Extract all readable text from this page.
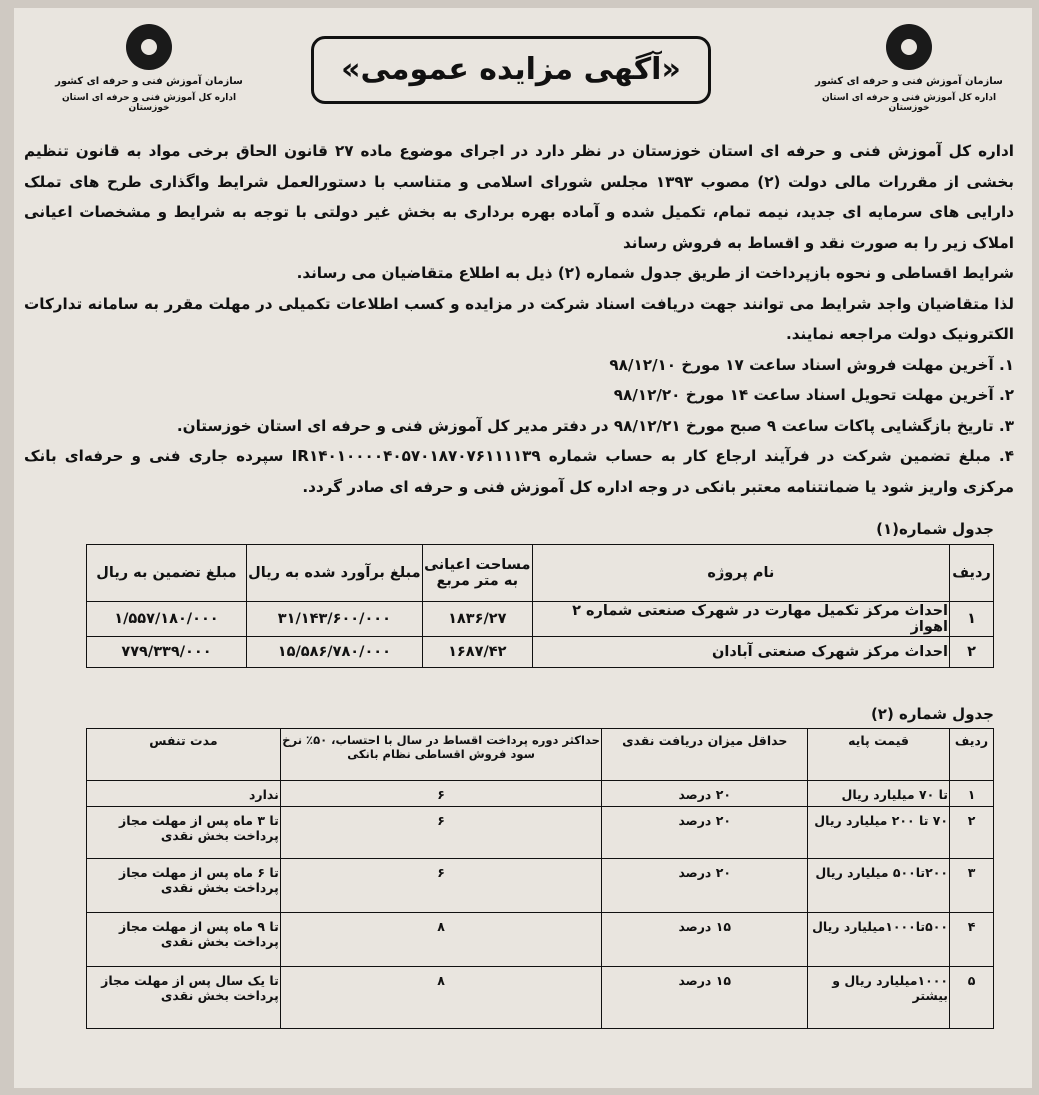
سازمان آموزش فنی و حرفه ای کشور
اداره کل آموزش فنی و حرفه ای استان خوزستان
«آگهی مزایده عمومی»
سازمان آموزش فنی و حرفه ای کشور
اداره کل آموزش فنی و حرفه ای استان خوزستان

اداره کل آموزش فنی و حرفه ای استان خوزستان در نظر دارد در اجرای موضوع ماده ۲۷ قانون الحاق برخی مواد به قانون تنظیم بخشی از مقررات مالی دولت (۲) مصوب ۱۳۹۳ مجلس شورای اسلامی و متناسب با دستورالعمل شرایط واگذاری طرح های تملک دارایی های سرمایه ای جدید، نیمه تمام، تکمیل شده و آماده بهره برداری به بخش غیر دولتی با توجه به شرایط و مشخصات اعیانی املاک زیر را به صورت نقد و اقساط به فروش رساند

شرایط اقساطی و نحوه بازپرداخت از طریق جدول شماره (۲) ذیل به اطلاع متقاضیان می رساند.

لذا متقاضیان واجد شرایط می توانند جهت دریافت اسناد شرکت در مزایده و کسب اطلاعات تکمیلی در مهلت مقرر به سامانه تدارکات الکترونیک دولت مراجعه نمایند.

۱. آخرین مهلت فروش اسناد ساعت ۱۷ مورخ ۹۸/۱۲/۱۰

۲. آخرین مهلت تحویل اسناد ساعت ۱۴ مورخ ۹۸/۱۲/۲۰

۳. تاریخ بازگشایی پاکات ساعت ۹ صبح مورخ ۹۸/۱۲/۲۱ در دفتر مدیر کل آموزش فنی و حرفه ای استان خوزستان.

۴. مبلغ تضمین شرکت در فرآیند ارجاع کار به حساب شماره IR۱۴۰۱۰۰۰۰۴۰۵۷۰۱۸۷۰۷۶۱۱۱۱۳۹ سپرده جاری فنی و حرفه‌ای بانک مرکزی واریز شود یا ضمانتنامه معتبر بانکی در وجه اداره کل آموزش فنی و حرفه ای صادر گردد.

جدول شماره(۱)
ردیف	نام پروژه	مساحت اعیانی به متر مربع	مبلغ برآورد شده به ریال	مبلغ تضمین به ریال
۱	احداث مرکز تکمیل مهارت در شهرک صنعتی شماره ۲ اهواز	۱۸۳۶/۲۷	۳۱/۱۴۳/۶۰۰/۰۰۰	۱/۵۵۷/۱۸۰/۰۰۰
۲	احداث مرکز شهرک صنعتی آبادان	۱۶۸۷/۴۲	۱۵/۵۸۶/۷۸۰/۰۰۰	۷۷۹/۳۳۹/۰۰۰
جدول شماره (۲)
ردیف	قیمت پایه	حداقل میزان دریافت نقدی	حداکثر دوره پرداخت اقساط در سال با احتساب، ۵۰٪ نرخ سود فروش اقساطی نظام بانکی	مدت تنفس
۱	تا ۷۰ میلیارد ریال	۲۰ درصد	۶	ندارد
۲	۷۰ تا ۲۰۰ میلیارد ریال	۲۰ درصد	۶	تا ۳ ماه پس از مهلت مجاز پرداخت بخش نقدی
۳	۲۰۰تا۵۰۰ میلیارد ریال	۲۰ درصد	۶	تا ۶ ماه پس از مهلت مجاز پرداخت بخش نقدی
۴	۵۰۰تا۱۰۰۰میلیارد ریال	۱۵ درصد	۸	تا ۹ ماه پس از مهلت مجاز پرداخت بخش نقدی
۵	۱۰۰۰میلیارد ریال و بیشتر	۱۵ درصد	۸	تا یک سال پس از مهلت مجاز پرداخت بخش نقدی
